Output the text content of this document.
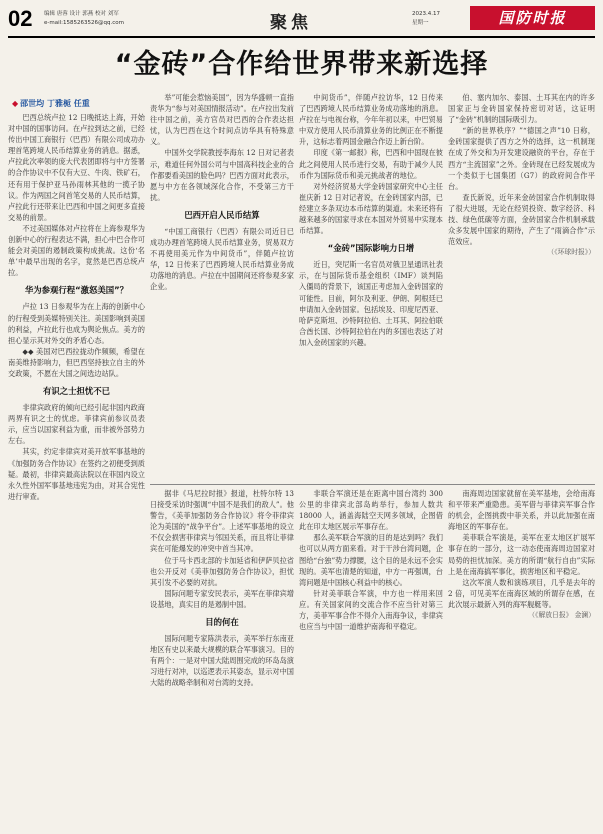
02 编辑 唐蓉 设计 郭燕 校对 刘军
e-mail:1585263526@qq.com	聚焦	2023.4.17
星期一	国防时报
“金砖”合作给世界带来新选择
◆ 邵世均 丁雅栀 任重

巴西总统卢拉 12 日晚抵达上海，开始对中国的国事访问。在卢拉到达之前，已经传出中国工商银行（巴西）有限公司成功办理首笔跨境人民币结算业务的消息。据悉，卢拉此次率领的庞大代表团即将与中方签署的合作协议中不仅有大豆、牛肉、铁矿石，还有用于保护亚马孙雨林其他的一揽子协议。作为两国之间首笔交易的人民币结算，卢拉此行还带来让巴西和中国之间更多直接交易的前景。

不过美国媒体对卢拉将在上海参观华为创新中心的行程表达不满，担心中巴合作可能会对美国的遏制政策构成挑战。这份‘名单’中最早出现的名字，竟然是巴西总统卢拉。

华为参观行程“激怒美国”？

卢拉 13 日参观华为在上海的创新中心的行程受到美媒特别关注。美国影响到美国的利益，卢拉此行也成为舆论焦点。美方的担心显示其对外交的矛盾心态。

◆◆ 美国对巴西拉拢动作频频，希望在南美维持影响力，但巴西坚持独立自主的外交政策，不愿在大国之间选边站队。

有识之士担忧不已

非律宾政府的倾向已经引起非国内政商两界有识之士的忧虑。菲律宾前参议员表示，应当以国家利益为重，而非被外部势力左右。

其实，约定非律宾对美开放军事基地的《加强防务合作协议》在签约之初便受到质疑。最初，非律宾最高法院以在菲国内设立永久性外国军事基地违宪为由，对其合宪性进行审查。

举”可能会惹恼美国”，因为华盛顿一直指责华为“参与对美国情报活动”。在卢拉出发前往中国之前，美方官员对巴西的合作表达担忧，认为巴西在这个时间点访华具有特殊意义。

中国外交学院教授李海东 12 日对记者表示，难道任何外国公司与中国高科技企业的合作都要看美国的脸色吗？巴西方面对此表示，愿与中方在各领域深化合作，不受第三方干扰。

巴西开启人民币结算

“中国工商银行（巴西）有限公司近日已成功办理首笔跨境人民币结算业务，贸易双方不再使用美元作为中间货币”，伴随卢拉访华，12 日传来了巴西跨境人民币结算业务成功落地的消息。卢拉在中国期间还将参观多家企业。

中间货币”，伴随卢拉访华，12 日传来了巴西跨境人民币结算业务成功落地的消息。卢拉在与电视台称，今年年初以来，中巴贸易中双方使用人民币清算业务的比例正在不断提升，这标志着两国金融合作迈上新台阶。

印度《第一邮报》称，巴西和中国现在彼此之间使用人民币进行交易，有助于减少人民币作为国际货币和美元挑战者的地位。

对外经济贸易大学金砖国家研究中心主任崔庆新 12 日对记者说，在金砖国家内部，已经建立多条双边本币结算的渠道。未来还将有越来越多的国家寻求在本国对外贸易中实现本币结算。

“金砖”国际影响力日增

近日，突尼斯一名官员对俄卫星通讯社表示，在与国际货币基金组织（IMF）谈判陷入僵局的背景下，该国正考虑加入金砖国家的可能性。目前，阿尔及利亚、伊朗、阿根廷已申请加入金砖国家。包括埃及、印度尼西亚、哈萨克斯坦、沙特阿拉伯、土耳其、阿拉伯联合酋长国、沙特阿拉伯在内的多国也表达了对加入金砖国家的兴趣。

伯、塞内加尔、泰国、土耳其在内的许多国家正与金砖国家保持密切对话，这证明了“金砖”机制的国际吸引力。

“新的世界秩序？”“德国之声”10 日称，金砖国家提供了西方之外的选择，这一机制现在成了外交和为开发建设融资的平台，存在于西方“主流国家”之外。金砖现在已经发展成为一个类似于七国集团（G7）的政府间合作平台。

查氏新说，近年来金砖国家合作机制取得了很大进展，无论在经贸投资、数字经济、科技、绿色低碳等方面，金砖国家合作机制承载众多发展中国家的期待，产生了“雨滴合作”示范效应。

（《环球时报》）

据非《马尼拉时报》报道，杜特尔特 13 日接受采访时强调“中国不是我们的敌人”。他警告，《美菲加强防务合作协议》将令菲律宾沦为美国的“战争平台”。上述军事基地的设立不仅会损害菲律宾与邻国关系，而且将让菲律宾在可能爆发的冲突中首当其冲。

位于马卡西北部的卡加延省和伊萨贝拉省也公开反对《美菲加强防务合作协议》，担忧其引发不必要的对抗。

国际问题专家安民表示，美军在菲律宾增设基地，真实目的是遏制中国。

目的何在

国际问题专家陈洪表示，美军举行东南亚地区有史以来最大规模的联合军事演习。目的有两个：一是对中国大陆周围完成的环岛岛演习进行对冲，以巡逻表示其姿态，显示对中国大陆的战略牵制和对台湾的支持。

非联合军演还是在距离中国台湾约 300 公里的非律宾北部岛屿举行，参加人数共 18000 人，涵盖海陆空天网多领域，企图借此在印太地区展示军事存在。

那么美军联合军演的目的是达到吗？我们也可以从两方面来看。对于干涉台湾问题，企图给“台独”势力撑腰，这个目的是永远不会实现的。美军也清楚的知道，中方一再强调，台湾问题是中国核心利益中的核心。

针对美菲联合军演，中方也一样用来回应。有关国家间的交流合作不应当针对第三方，美菲军事合作不得介入南海争议，非律宾也应当与中国一道维护南海和平稳定。

南海周边国家就留在美军基地，会给南海和平带来严重隐患。美军借与菲律宾军事合作的机会，企图挑拨中菲关系，并以此加强在南海地区的军事存在。

美菲联合军演是，美军在亚太地区扩展军事存在的一部分，这一动态使南海周边国家对局势的担忧加深。美方的所谓“航行自由”实际上是在南海搞军事化，损害地区和平稳定。

这次军演人数和演练项目，几乎是去年的 2 倍，可见美军在南海区域的所谓存在感，在此次展示最新入列的海军舰艇等。

（《解放日报》 金澜）
